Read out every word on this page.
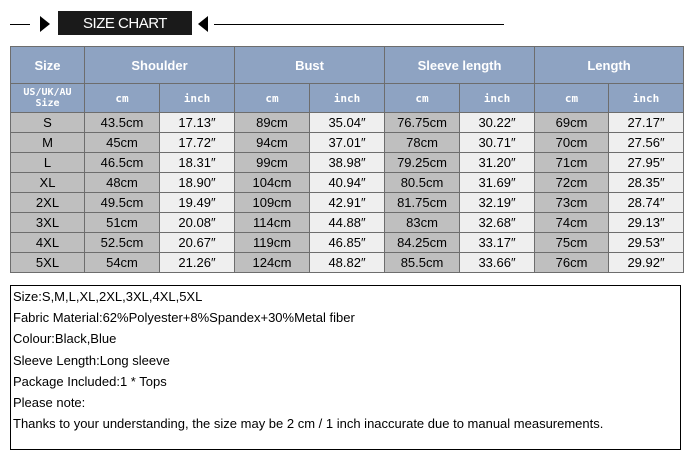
SIZE CHART
Size	Shoulder		Bust		Sleeve length		Length	

US/UK/AU
Size	cm	inch	cm	inch	cm	inch	cm	inch
S	43.5cm	17.13″	89cm	35.04″	76.75cm	30.22″	69cm	27.17″
M	45cm	17.72″	94cm	37.01″	78cm	30.71″	70cm	27.56″
L	46.5cm	18.31″	99cm	38.98″	79.25cm	31.20″	71cm	27.95″
XL	48cm	18.90″	104cm	40.94″	80.5cm	31.69″	72cm	28.35″
2XL	49.5cm	19.49″	109cm	42.91″	81.75cm	32.19″	73cm	28.74″
3XL	51cm	20.08″	114cm	44.88″	83cm	32.68″	74cm	29.13″
4XL	52.5cm	20.67″	119cm	46.85″	84.25cm	33.17″	75cm	29.53″
5XL	54cm	21.26″	124cm	48.82″	85.5cm	33.66″	76cm	29.92″
Size:S,M,L,XL,2XL,3XL,4XL,5XL
Fabric Material:62%Polyester+8%Spandex+30%Metal fiber
Colour:Black,Blue
Sleeve Length:Long sleeve
Package Included:1 * Tops
Please note:
Thanks to your understanding, the size may be 2 cm / 1 inch inaccurate due to manual measurements.
